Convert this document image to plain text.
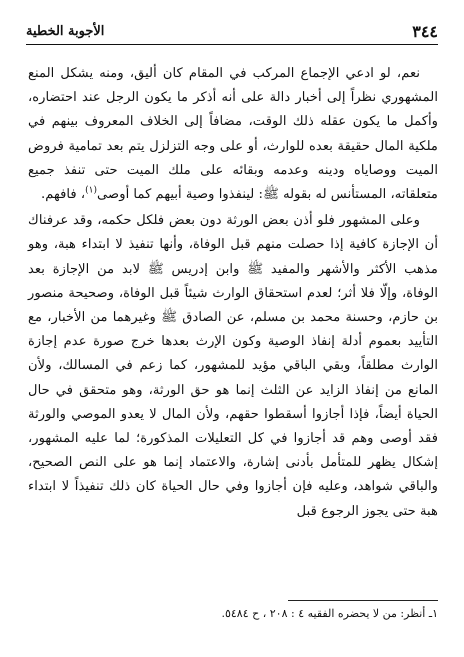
٣٤٤
الأجوبة الخطية

نعم، لو ادعي الإجماع المركب في المقام كان أليق، ومنه يشكل المنع المشهوري نظراً إلى أخبار دالة على أنه أذكر ما يكون الرجل عند احتضاره، وأكمل ما يكون عقله ذلك الوقت، مضافاً إلى الخلاف المعروف بينهم في ملكية المال حقيقة بعده للوارث، أو على وجه التزلزل يتم بعد تمامية فروض الميت ووصاياه ودينه وعدمه وبقائه على ملك الميت حتى تنفذ جميع متعلقاته، المستأنس له بقوله ﷺ: لينفذوا وصية أبيهم كما أوصى$^{(١)}$، فافهم.

وعلى المشهور فلو أذن بعض الورثة دون بعض فلكل حكمه، وقد عرفناك أن الإجازة كافية إذا حصلت منهم قبل الوفاة، وأنها تنفيذ لا ابتداء هبة، وهو مذهب الأكثر والأشهر والمفيد ﷺ وابن إدريس ﷺ لابد من الإجازة بعد الوفاة، وإلّا فلا أثر؛ لعدم استحقاق الوارث شيئاً قبل الوفاة، وصحيحة منصور بن حازم، وحسنة محمد بن مسلم، عن الصادق ﷺ وغيرهما من الأخبار، مع التأييد بعموم أدلة إنفاذ الوصية وكون الإرث بعدها خرج صورة عدم إجازة الوارث مطلقاً، وبقي الباقي مؤيد للمشهور، كما زعم في المسالك، ولأن المانع من إنفاذ الزايد عن الثلث إنما هو حق الورثة، وهو متحقق في حال الحياة أيضاً، فإذا أجازوا أسقطوا حقهم، ولأن المال لا يعدو الموصي والورثة فقد أوصى وهم قد أجازوا في كل التعليلات المذكورة؛ لما عليه المشهور، إشكال يظهر للمتأمل بأدنى إشارة، والاعتماد إنما هو على النص الصحيح، والباقي شواهد، وعليه فإن أجازوا وفي حال الحياة كان ذلك تنفيذاً لا ابتداء هبة حتى يجوز الرجوع قبل

١ـ أنظر: من لا يحضره الفقيه ٤ : ٢٠٨ ، ح ٥٤٨٤.
